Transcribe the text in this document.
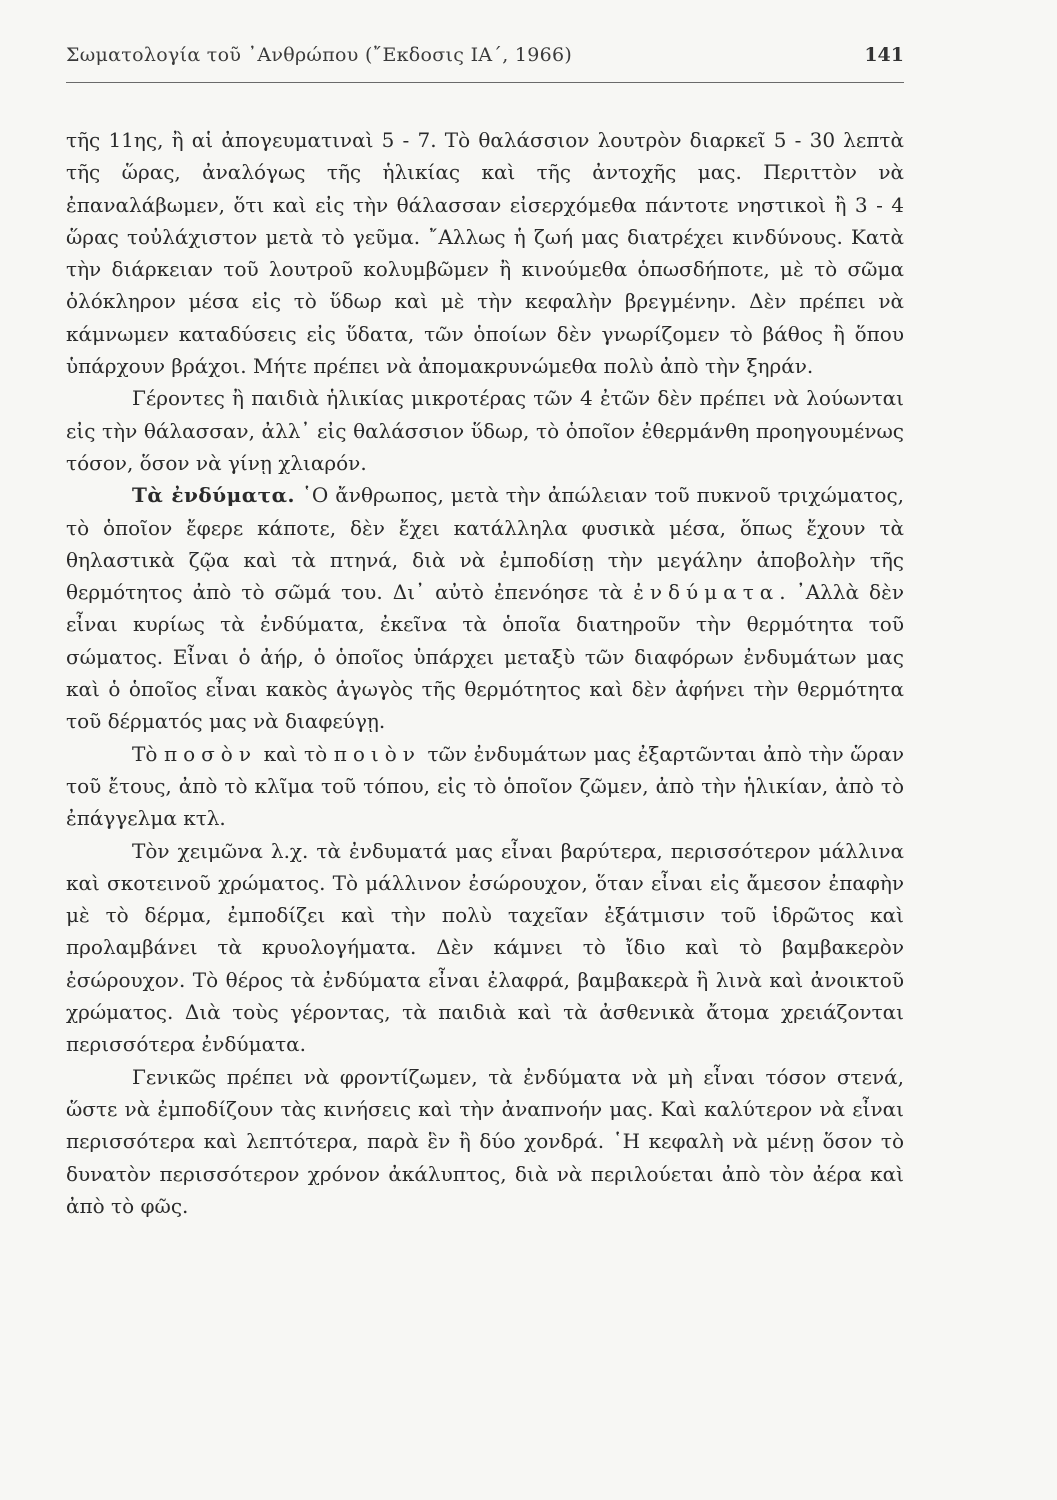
Σωματολογία τοῦ ᾿Ανθρώπου (῎Εκδοσις ΙΑ΄, 1966)	141

τῆς 11ης, ἢ αἱ ἀπογευματιναὶ 5 - 7. Τὸ θαλάσσιον λουτρὸν διαρκεῖ 5 - 30 λεπτὰ τῆς ὥρας, ἀναλόγως τῆς ἡλικίας καὶ τῆς ἀντοχῆς μας. Περιττὸν νὰ ἐπαναλάβωμεν, ὅτι καὶ εἰς τὴν θάλασσαν εἰσερχόμεθα πάντοτε νηστικοὶ ἢ 3 - 4 ὥρας τοὐλάχιστον μετὰ τὸ γεῦμα. ῎Αλλως ἡ ζωή μας διατρέχει κινδύνους. Κατὰ τὴν διάρκειαν τοῦ λουτροῦ κολυμβῶμεν ἢ κινούμεθα ὁπωσδήποτε, μὲ τὸ σῶμα ὁλόκληρον μέσα εἰς τὸ ὕδωρ καὶ μὲ τὴν κεφαλὴν βρεγμένην. Δὲν πρέπει νὰ κάμνωμεν καταδύσεις εἰς ὕδατα, τῶν ὁποίων δὲν γνωρίζομεν τὸ βάθος ἢ ὅπου ὑπάρχουν βράχοι. Μήτε πρέπει νὰ ἀπομακρυνώμεθα πολὺ ἀπὸ τὴν ξηράν.

Γέροντες ἢ παιδιὰ ἡλικίας μικροτέρας τῶν 4 ἐτῶν δὲν πρέπει νὰ λούωνται εἰς τὴν θάλασσαν, ἀλλ᾿ εἰς θαλάσσιον ὕδωρ, τὸ ὁποῖον ἐθερμάνθη προηγουμένως τόσον, ὅσον νὰ γίνῃ χλιαρόν.

Τὰ ἐνδύματα. ῾Ο ἄνθρωπος, μετὰ τὴν ἀπώλειαν τοῦ πυκνοῦ τριχώματος, τὸ ὁποῖον ἔφερε κάποτε, δὲν ἔχει κατάλληλα φυσικὰ μέσα, ὅπως ἔχουν τὰ θηλαστικὰ ζῷα καὶ τὰ πτηνά, διὰ νὰ ἐμποδίσῃ τὴν μεγάλην ἀποβολὴν τῆς θερμότητος ἀπὸ τὸ σῶμά του. Δι᾿ αὐτὸ ἐπενόησε τὰ ἐνδύματα. ᾿Αλλὰ δὲν εἶναι κυρίως τὰ ἐνδύματα, ἐκεῖνα τὰ ὁποῖα διατηροῦν τὴν θερμότητα τοῦ σώματος. Εἶναι ὁ ἀήρ, ὁ ὁποῖος ὑπάρχει μεταξὺ τῶν διαφόρων ἐνδυμάτων μας καὶ ὁ ὁποῖος εἶναι κακὸς ἀγωγὸς τῆς θερμότητος καὶ δὲν ἀφήνει τὴν θερμότητα τοῦ δέρματός μας νὰ διαφεύγῃ.

Τὸ ποσὸν καὶ τὸ ποιὸν τῶν ἐνδυμάτων μας ἐξαρτῶνται ἀπὸ τὴν ὥραν τοῦ ἔτους, ἀπὸ τὸ κλῖμα τοῦ τόπου, εἰς τὸ ὁποῖον ζῶμεν, ἀπὸ τὴν ἡλικίαν, ἀπὸ τὸ ἐπάγγελμα κτλ.

Τὸν χειμῶνα λ.χ. τὰ ἐνδυματά μας εἶναι βαρύτερα, περισσότερον μάλλινα καὶ σκοτεινοῦ χρώματος. Τὸ μάλλινον ἐσώρουχον, ὅταν εἶναι εἰς ἄμεσον ἐπαφὴν μὲ τὸ δέρμα, ἐμποδίζει καὶ τὴν πολὺ ταχεῖαν ἐξάτμισιν τοῦ ἱδρῶτος καὶ προλαμβάνει τὰ κρυολογήματα. Δὲν κάμνει τὸ ἴδιο καὶ τὸ βαμβακερὸν ἐσώρουχον. Τὸ θέρος τὰ ἐνδύματα εἶναι ἐλαφρά, βαμβακερὰ ἢ λινὰ καὶ ἀνοικτοῦ χρώματος. Διὰ τοὺς γέροντας, τὰ παιδιὰ καὶ τὰ ἀσθενικὰ ἄτομα χρειάζονται περισσότερα ἐνδύματα.

Γενικῶς πρέπει νὰ φροντίζωμεν, τὰ ἐνδύματα νὰ μὴ εἶναι τόσον στενά, ὥστε νὰ ἐμποδίζουν τὰς κινήσεις καὶ τὴν ἀναπνοήν μας. Καὶ καλύτερον νὰ εἶναι περισσότερα καὶ λεπτότερα, παρὰ ἓν ἢ δύο χονδρά. ῾Η κεφαλὴ νὰ μένῃ ὅσον τὸ δυνατὸν περισσότερον χρόνον ἀκάλυπτος, διὰ νὰ περιλούεται ἀπὸ τὸν ἀέρα καὶ ἀπὸ τὸ φῶς.
